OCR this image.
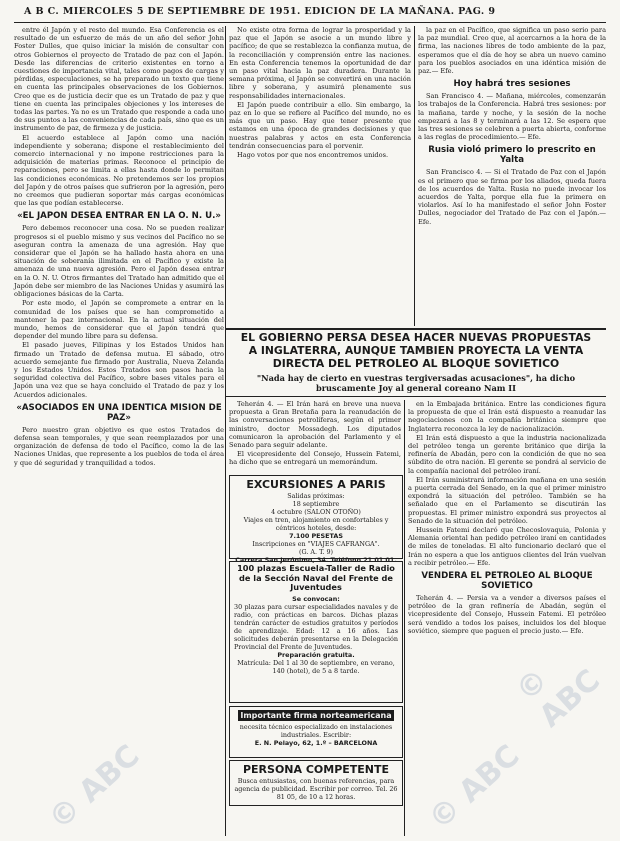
A B C. MIERCOLES 5 DE SEPTIEMBRE DE 1951. EDICION DE LA MAÑANA. PAG. 9

entre él Japón y el resto del mundo. Esa Conferencia es el resultado de un esfuerzo de más de un año del señor John Foster Dulles, que quiso iniciar la misión de consultar con otros Gobiernos el proyecto de Tratado de paz con el Japón. Desde las diferencias de criterio existentes en torno a cuestiones de importancia vital, tales como pagos de cargas y pérdidas, especulaciones, se ha preparado un texto que tiene en cuenta las principales observaciones de los Gobiernos. Creo que es de justicia decir que es un Tratado de paz y que tiene en cuenta las principales objeciones y los intereses de todas las partes. Ya no es un Tratado que responde a cada uno de sus puntos a las conveniencias de cada país, sino que es un instrumento de paz, de firmeza y de justicia.

El acuerdo establece al Japón como una nación independiente y soberana; dispone el restablecimiento del comercio internacional y no impone restricciones para la adquisición de materias primas. Reconoce el principio de reparaciones, pero se limita a ellas hasta donde lo permitan las condiciones económicas. No pretendemos ser los propios del Japón y de otros países que sufrieron por la agresión, pero no creemos que pudieran soportar más cargas económicas que las que podían establecerse.

«EL JAPON DESEA ENTRAR EN LA O. N. U.»

Pero debemos reconocer una cosa. No se pueden realizar progresos si el pueblo mismo y sus vecinos del Pacífico no se aseguran contra la amenaza de una agresión. Hay que considerar que el Japón se ha hallado hasta ahora en una situación de soberanía ilimitada en el Pacífico y existe la amenaza de una nueva agresión. Pero el Japón desea entrar en la O. N. U. Otros firmantes del Tratado han admitido que el Japón debe ser miembro de las Naciones Unidas y asumirá las obligaciones básicas de la Carta.

Por este modo, el Japón se compromete a entrar en la comunidad de los países que se han comprometido a mantener la paz internacional. En la actual situación del mundo, hemos de considerar que el Japón tendrá que depender del mundo libre para su defensa.

El pasado jueves, Filipinas y los Estados Unidos han firmado un Tratado de defensa mutua. El sábado, otro acuerdo semejante fue firmado por Australia, Nueva Zelanda y los Estados Unidos. Estos Tratados son pasos hacia la seguridad colectiva del Pacífico, sobre bases vitales para el Japón una vez que se haya concluido el Tratado de paz y los Acuerdos adicionales.

«ASOCIADOS EN UNA IDENTICA MISION DE PAZ»

Pero nuestro gran objetivo es que estos Tratados de defensa sean temporales, y que sean reemplazados por una organización de defensa de todo el Pacífico, como la de las Naciones Unidas, que represente a los pueblos de toda el área y que dé seguridad y tranquilidad a todos.

No existe otra forma de lograr la prosperidad y la paz que el Japón se asocie a un mundo libre y pacífico; de que se restablezca la confianza mutua, de la reconciliación y comprensión entre las naciones. En esta Conferencia tenemos la oportunidad de dar un paso vital hacia la paz duradera. Durante la semana próxima, el Japón se convertirá en una nación libre y soberana, y asumirá plenamente sus responsabilidades internacionales.

El Japón puede contribuir a ello. Sin embargo, la paz en lo que se refiere al Pacífico del mundo, no es más que un paso. Hay que tener presente que estamos en una época de grandes decisiones y que nuestras palabras y actos en esta Conferencia tendrán consecuencias para el porvenir.

Hago votos por que nos encontremos unidos.

la paz en el Pacífico, que significa un paso serio para la paz mundial. Creo que, al acercarnos a la hora de la firma, las naciones libres de todo ambiente de la paz, esperamos que el día de hoy se abra un nuevo camino para los pueblos asociados en una idéntica misión de paz.— Efe.

Hoy habrá tres sesiones

San Francisco 4. — Mañana, miércoles, comenzarán los trabajos de la Conferencia. Habrá tres sesiones: por la mañana, tarde y noche, y la sesión de la noche empezará a las 8 y terminará a las 12. Se espera que las tres sesiones se celebren a puerta abierta, conforme a las reglas de procedimiento.— Efe.

Rusia violó primero lo prescrito en Yalta

San Francisco 4. — Si el Tratado de Paz con el Japón es el primero que se firma por los aliados, queda fuera de los acuerdos de Yalta. Rusia no puede invocar los acuerdos de Yalta, porque ella fue la primera en violarlos. Así lo ha manifestado el señor John Foster Dulles, negociador del Tratado de Paz con el Japón.— Efe.

EL GOBIERNO PERSA DESEA HACER NUEVAS PROPUESTAS
A INGLATERRA, AUNQUE TAMBIEN PROYECTA LA VENTA
DIRECTA DEL PETROLEO AL BLOQUE SOVIETICO
"Nada hay de cierto en vuestras tergiversadas acusaciones", ha dicho
bruscamente Joy al general coreano Nam II

Teherán 4. — El Irán hará en breve una nueva propuesta a Gran Bretaña para la reanudación de las conversaciones petrolíferas, según el primer ministro, doctor Mossadegh. Los diputados comunicaron la aprobación del Parlamento y el Senado para seguir adelante.

El vicepresidente del Consejo, Hussein Fatemi, ha dicho que se entregará un memorándum.

EXCURSIONES A PARIS
Salidas próximas:
18 septiembre
4 octubre (SALON OTOÑO)
Viajes en tren, alojamiento en confortables y céntricos hoteles, desde:
7.100 PESETAS
Inscripciones en "VIAJES CAFRANGA".
(G. A. T. 9)
Carrera San Jerónimo, 34. Teléfono 21 01 01.
100 plazas Escuela-Taller de Radio de la Sección Naval del Frente de Juventudes
Se convocan:
30 plazas para cursar especialidades navales y de radio, con prácticas en barcos. Dichas plazas tendrán carácter de estudios gratuitos y períodos de aprendizaje. Edad: 12 a 16 años. Las solicitudes deberán presentarse en la Delegación Provincial del Frente de Juventudes.
Preparación gratuita.
Matrícula: Del 1 al 30 de septiembre, en verano, 140 (hotel), de 5 a 8 tarde.
Importante firma norteamericana
necesita técnico especializado en instalaciones industriales. Escribir:
E. N. Pelayo, 62, 1.º – BARCELONA
PERSONA COMPETENTE
Busca entusiastas, con buenas referencias, para agencia de publicidad. Escribir por correo. Tel. 26 81 05, de 10 a 12 horas.

en la Embajada británica. Entre las condiciones figura la propuesta de que el Irán está dispuesto a reanudar las negociaciones con la compañía británica siempre que Inglaterra reconozca la ley de nacionalización.

El Irán está dispuesto a que la industria nacionalizada del petróleo tenga un gerente británico que dirija la refinería de Abadán, pero con la condición de que no sea súbdito de otra nación. El gerente se pondrá al servicio de la compañía nacional del petróleo iraní.

El Irán suministrará información mañana en una sesión a puerta cerrada del Senado, en la que el primer ministro expondrá la situación del petróleo. También se ha señalado que en el Parlamento se discutirán las propuestas. El primer ministro expondrá sus proyectos al Senado de la situación del petróleo.

Hussein Fatemi declaró que Checoslovaquia, Polonia y Alemania oriental han pedido petróleo iraní en cantidades de miles de toneladas. El alto funcionario declaró que el Irán no espera a que los antiguos clientes del Irán vuelvan a recibir petróleo.— Efe.

VENDERA EL PETROLEO AL BLOQUE SOVIETICO

Teherán 4. — Persia va a vender a diversos países el petróleo de la gran refinería de Abadán, según el vicepresidente del Consejo, Hussein Fatemi. El petróleo será vendido a todos los países, incluidos los del bloque soviético, siempre que paguen el precio justo.— Efe.

© ABC	© ABC
© ABC
